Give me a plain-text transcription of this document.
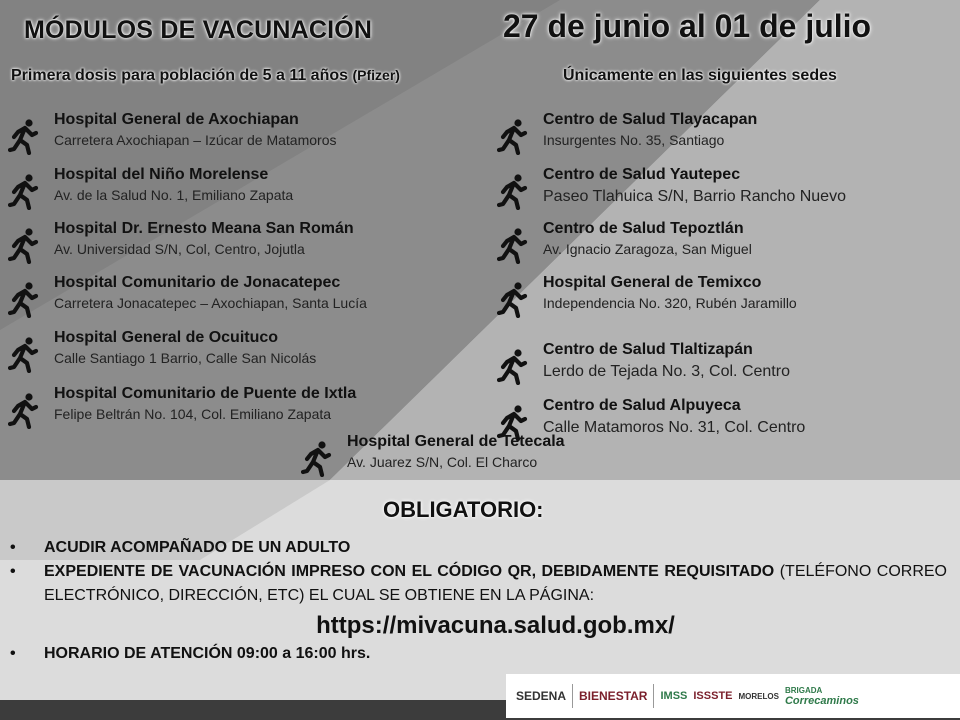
MÓDULOS DE VACUNACIÓN	27 de junio al 01 de julio
Primera dosis para población de 5 a 11 años (Pfizer)	Únicamente en las siguientes sedes
Hospital General de Axochiapan
Carretera Axochiapan – Izúcar de Matamoros
Hospital del Niño Morelense
Av. de la Salud No. 1, Emiliano Zapata
Hospital Dr. Ernesto Meana San Román
Av. Universidad S/N, Col, Centro, Jojutla
Hospital Comunitario de Jonacatepec
Carretera Jonacatepec – Axochiapan, Santa Lucía
Hospital General de Ocuituco
Calle Santiago 1 Barrio, Calle San Nicolás
Hospital Comunitario de Puente de Ixtla
Felipe Beltrán No. 104, Col. Emiliano Zapata
Centro de Salud Tlayacapan
Insurgentes No. 35, Santiago
Centro de Salud Yautepec
Paseo Tlahuica S/N, Barrio Rancho Nuevo
Centro de Salud Tepoztlán
Av. Ignacio Zaragoza, San Miguel
Hospital General de Temixco
Independencia No. 320, Rubén Jaramillo
Centro de Salud Tlaltizapán
Lerdo de Tejada No. 3, Col. Centro
Centro de Salud Alpuyeca
Calle Matamoros No. 31, Col. Centro
Hospital General de Tetecala
Av. Juarez S/N, Col. El Charco
OBLIGATORIO:

• ACUDIR ACOMPAÑADO DE UN ADULTO

• EXPEDIENTE DE VACUNACIÓN IMPRESO CON EL CÓDIGO QR, DEBIDAMENTE REQUISITADO (TELÉFONO CORREO ELECTRÓNICO, DIRECCIÓN, ETC) EL CUAL SE OBTIENE EN LA PÁGINA:

https://mivacuna.salud.gob.mx/

• HORARIO DE ATENCIÓN 09:00 a 16:00 hrs.

SEDENA BIENESTAR IMSS ISSSTE MORELOS
BRIGADA
Correcaminos
